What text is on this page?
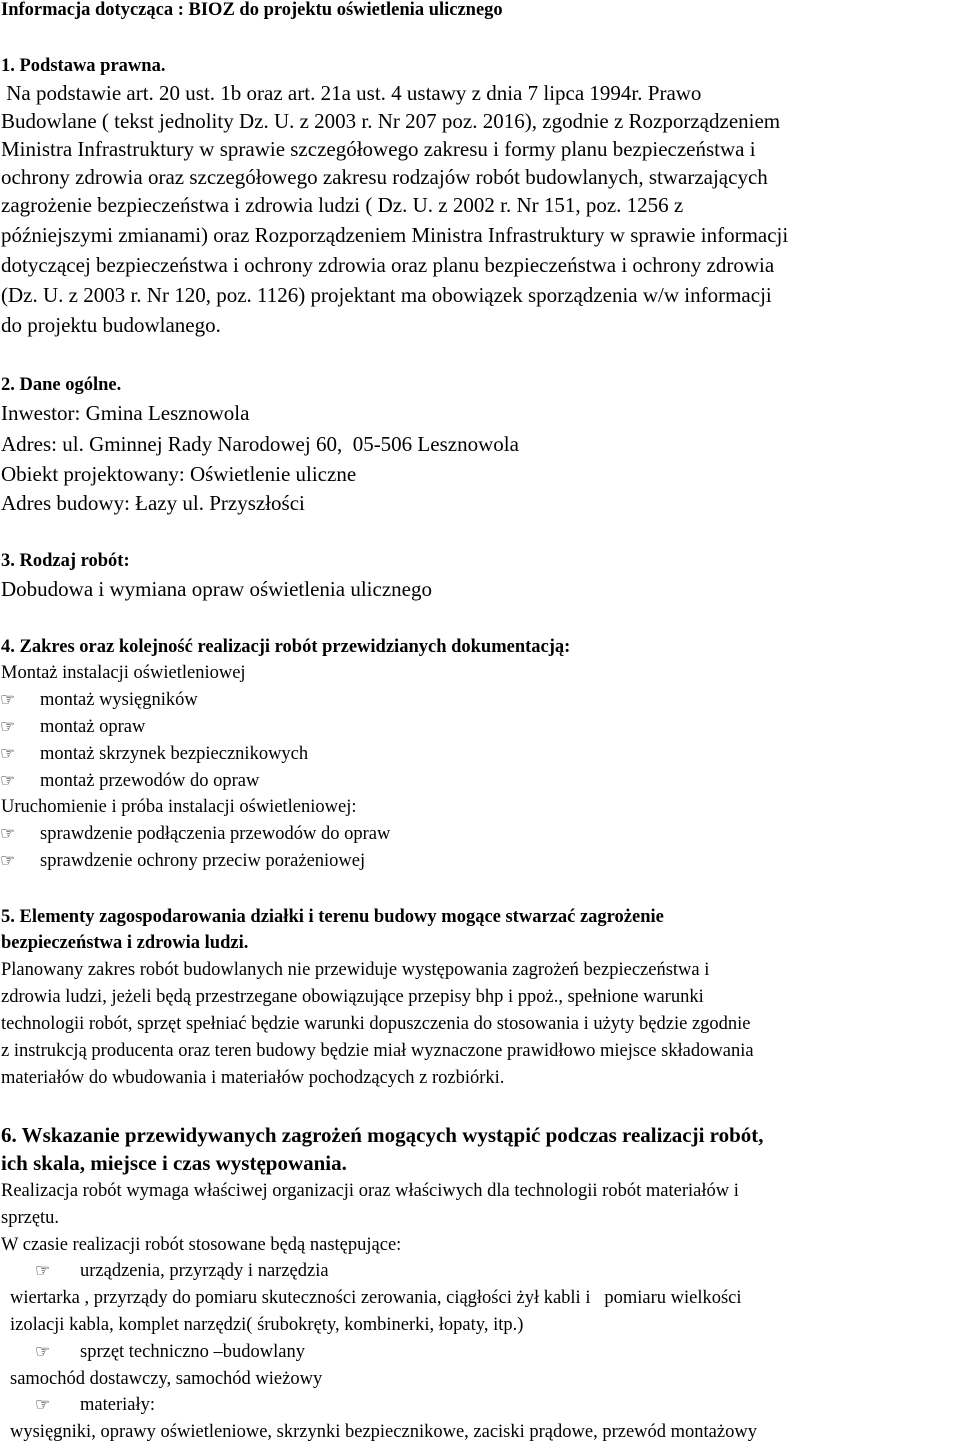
Informacja dotycząca : BIOZ do projektu oświetlenia ulicznego
1. Podstawa prawna.
Na podstawie art. 20 ust. 1b oraz art. 21a ust. 4 ustawy z dnia 7 lipca 1994r. Prawo
Budowlane ( tekst jednolity Dz. U. z 2003 r. Nr 207 poz. 2016), zgodnie z Rozporządzeniem
Ministra Infrastruktury w sprawie szczegółowego zakresu i formy planu bezpieczeństwa i
ochrony zdrowia oraz szczegółowego zakresu rodzajów robót budowlanych, stwarzających
zagrożenie bezpieczeństwa i zdrowia ludzi ( Dz. U. z 2002 r. Nr 151, poz. 1256 z
późniejszymi zmianami) oraz Rozporządzeniem Ministra Infrastruktury w sprawie informacji
dotyczącej bezpieczeństwa i ochrony zdrowia oraz planu bezpieczeństwa i ochrony zdrowia
(Dz. U. z 2003 r. Nr 120, poz. 1126) projektant ma obowiązek sporządzenia w/w informacji
do projektu budowlanego.
2. Dane ogólne.
Inwestor: Gmina Lesznowola
Adres: ul. Gminnej Rady Narodowej 60,  05-506 Lesznowola
Obiekt projektowany: Oświetlenie uliczne
Adres budowy: Łazy ul. Przyszłości
3. Rodzaj robót:
Dobudowa i wymiana opraw oświetlenia ulicznego
4. Zakres oraz kolejność realizacji robót przewidzianych dokumentacją:
Montaż instalacji oświetleniowej
☞ montaż wysięgników
☞ montaż opraw
☞ montaż skrzynek bezpiecznikowych
☞ montaż przewodów do opraw
Uruchomienie i próba instalacji oświetleniowej:
☞ sprawdzenie podłączenia przewodów do opraw
☞ sprawdzenie ochrony przeciw porażeniowej
5. Elementy zagospodarowania działki i terenu budowy mogące stwarzać zagrożenie
bezpieczeństwa i zdrowia ludzi.
Planowany zakres robót budowlanych nie przewiduje występowania zagrożeń bezpieczeństwa i
zdrowia ludzi, jeżeli będą przestrzegane obowiązujące przepisy bhp i ppoż., spełnione warunki
technologii robót, sprzęt spełniać będzie warunki dopuszczenia do stosowania i użyty będzie zgodnie
z instrukcją producenta oraz teren budowy będzie miał wyznaczone prawidłowo miejsce składowania
materiałów do wbudowania i materiałów pochodzących z rozbiórki.
6. Wskazanie przewidywanych zagrożeń mogących wystąpić podczas realizacji robót,
ich skala, miejsce i czas występowania.
Realizacja robót wymaga właściwej organizacji oraz właściwych dla technologii robót materiałów i
sprzętu.
W czasie realizacji robót stosowane będą następujące:
☞ urządzenia, przyrządy i narzędzia
wiertarka , przyrządy do pomiaru skuteczności zerowania, ciągłości żył kabli i   pomiaru wielkości
izolacji kabla, komplet narzędzi( śrubokręty, kombinerki, łopaty, itp.)
☞ sprzęt techniczno –budowlany
samochód dostawczy, samochód wieżowy
☞ materiały:
wysięgniki, oprawy oświetleniowe, skrzynki bezpiecznikowe, zaciski prądowe, przewód montażowy
